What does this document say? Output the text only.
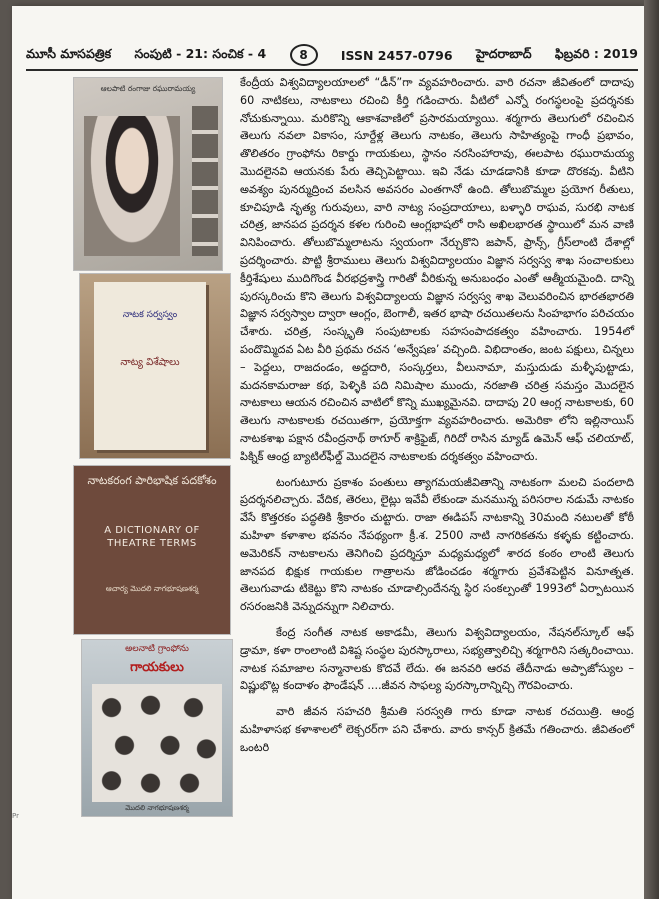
మూసీ మాసపత్రిక సంపుటి - 21: సంచిక - 4	8	ISSN 2457-0796 హైదరాబాద్ ఫిబ్రవరి : 2019
ఆలపాటి రంగాజు రఘురామయ్య
నాటక సర్వస్వం
నాట్య విశేషాలు
నాటకరంగ పారిభాషిక పదకోశం
A DICTIONARY OF THEATRE TERMS
ఆచార్య మొదలి నాగభూషణశర్మ
అలనాటి గ్రాంఫోను
గాయకులు
మొదలి నాగభూషణశర్మ

కేంద్రీయ విశ్వవిద్యాలయాలలో “డీన్”గా వ్యవహరించారు. వారి రచనా జీవితంలో దాదాపు 60 నాటికలు, నాటకాలు రచించి కీర్తి గడించారు. వీటిలో ఎన్నో రంగస్థలంపై ప్రదర్శనకు నోచుకున్నాయి. మరికొన్ని ఆకాశవాణిలో ప్రసారమయ్యాయి. శర్మగారు తెలుగులో రచించిన తెలుగు నవలా వికాసం, సూర్దేళ్ల తెలుగు నాటకం, తెలుగు సాహిత్యంపై గాంధీ ప్రభావం, తొలితరం గ్రాంఫోను రికార్డు గాయకులు, స్థానం నరసింహారావు, ఈలపాట రఘురామయ్య మొదలైనవి ఆయనకు పేరు తెచ్చిపెట్టాయి. ఇవి నేడు చూడడానికి కూడా దొరకవు. వీటిని అవశ్యం పునర్ముద్రించ వలసిన అవసరం ఎంతగానో ఉంది. తోలుబొమ్మల ప్రయోగ రీతులు, కూచిపూడి నృత్య గురువులు, వారి నాట్య సంప్రదాయాలు, బళ్ళారి రాఘవ, సురభి నాటక చరిత్ర, జానపద ప్రదర్శన కళల గురించి ఆంగ్లభాషలో రాసి అఖిలభారత స్థాయిలో మన వాణి వినిపించారు. తోలుబొమ్మలాటను స్వయంగా నేర్చుకొని జపాన్, ఫ్రాన్స్, గ్రీస్‌లాంటి దేశాల్లో ప్రదర్శించారు. పొట్టి శ్రీరాములు తెలుగు విశ్వవిద్యాలయం విజ్ఞాన సర్వస్వ శాఖ సంచాలకులు కీర్తిశేషులు ముదిగొండ వీరభద్రశాస్త్రి గారితో వీరికున్న అనుబంధం ఎంతో ఆత్మీయమైంది. దాన్ని పురస్కరించు కొని తెలుగు విశ్వవిద్యాలయ విజ్ఞాన సర్వస్వ శాఖ వెలువరించిన భారతభారతి విజ్ఞాన సర్వస్వాల ద్వారా ఆంగ్లం, బెంగాలీ, ఇతర భాషా రచయితలను సింహభాగం పరిచయం చేశారు. చరిత్ర, సంస్కృతి సంపుటాలకు సహసంపాదకత్వం వహించారు. 1954లో పందొమ్మిదవ ఏట వీరి ప్రథమ రచన ‘అన్వేషణ’ వచ్చింది. విభిదాంతం, జంట పక్షులు, చిన్నలు – పెద్దలు, రాజదండం, అద్దదారి, సంస్కర్తలు, వీలునామా, మస్తుదుడు మళ్ళీపుట్టాడు, మదనకామరాజు కథ, పెళ్ళికి పది నిమిషాల ముందు, నరజాతి చరిత్ర సమస్తం మొదలైన నాటకాలు ఆయన రచించిన వాటిలో కొన్ని ముఖ్యమైనవి. దాదాపు 20 ఆంగ్ల నాటకాలకు, 60 తెలుగు నాటకాలకు రచయితగా, ప్రయోక్తగా వ్యవహరించారు. అమెరికా లోని ఇల్లినాయిస్ నాటకశాఖ పక్షాన రవీంద్రనాథ్ ఠాగూర్ శాక్రిఫైజ్, గిరిదో రాసిన మ్యాడ్ ఉమెన్ ఆఫ్ చలియాట్, పిక్నిక్ ఆంధ్ర బ్యాటిల్‌ఫీల్డ్ మొదలైన నాటకాలకు దర్శకత్వం వహించారు.

టంగుటూరు ప్రకాశం పంతులు త్యాగమయజీవితాన్ని నాటకంగా మలచి పందలాది ప్రదర్శనలిచ్చారు. వేదిక, తెరలు, లైట్లు ఇవేవీ లేకుండా మనమున్న పరిసరాల నడుమే నాటకం వేసే కొత్తరకం పద్ధతికి శ్రీకారం చుట్టారు. రాజా ఈడిపస్ నాటకాన్ని 30మంది నటులతో కోఠీ మహిళా కళాశాల భవనం నేపథ్యంగా క్రీ.శ. 2500 నాటి నాగరికతను కళ్ళకు కట్టించారు. అమెరికన్ నాటకాలను తెనిగించి ప్రదర్శిస్తూ మధ్యమధ్యలో శారద కంఠం లాంటి తెలుగు జానపద భిక్షుక గాయకుల గాత్రాలను జోడించడం శర్మగారు ప్రవేశపెట్టిన వినూత్నత. తెలుగువాడు టికెట్టు కొని నాటకం చూడాల్సిందేనన్న స్థిర సంకల్పంతో 1993లో ఏర్పాటయిన రసరంజనికి వెన్నుదన్నుగా నిలిచారు.

కేంద్ర సంగీత నాటక అకాడమీ, తెలుగు విశ్వవిద్యాలయం, నేషనల్‌స్కూల్ ఆఫ్ డ్రామా, కళా రాంలాంటి విశిష్ట సంస్థల పురస్కారాలు, సభ్యత్వాలిచ్చి శర్మగారిని సత్కరించాయి. నాటక సమాజాల సన్మానాలకు కొదవే లేదు. ఈ జనవరి ఆరవ తేదీనాడు అప్పాజోస్యుల – విష్ణుభొట్ల కందాళం ఫౌండేషన్ ....జీవన సాఫల్య పురస్కారాన్నిచ్చి గౌరవించారు.

వారి జీవన సహచరి శ్రీమతి సరస్వతి గారు కూడా నాటక రచయిత్రి. ఆంధ్ర మహిళాసభ కళాశాలలో లెక్చరర్‌గా పని చేశారు. వారు కాన్సర్ క్రితమే గతించారు. జీవితంలో ఒంటరి

Pr
